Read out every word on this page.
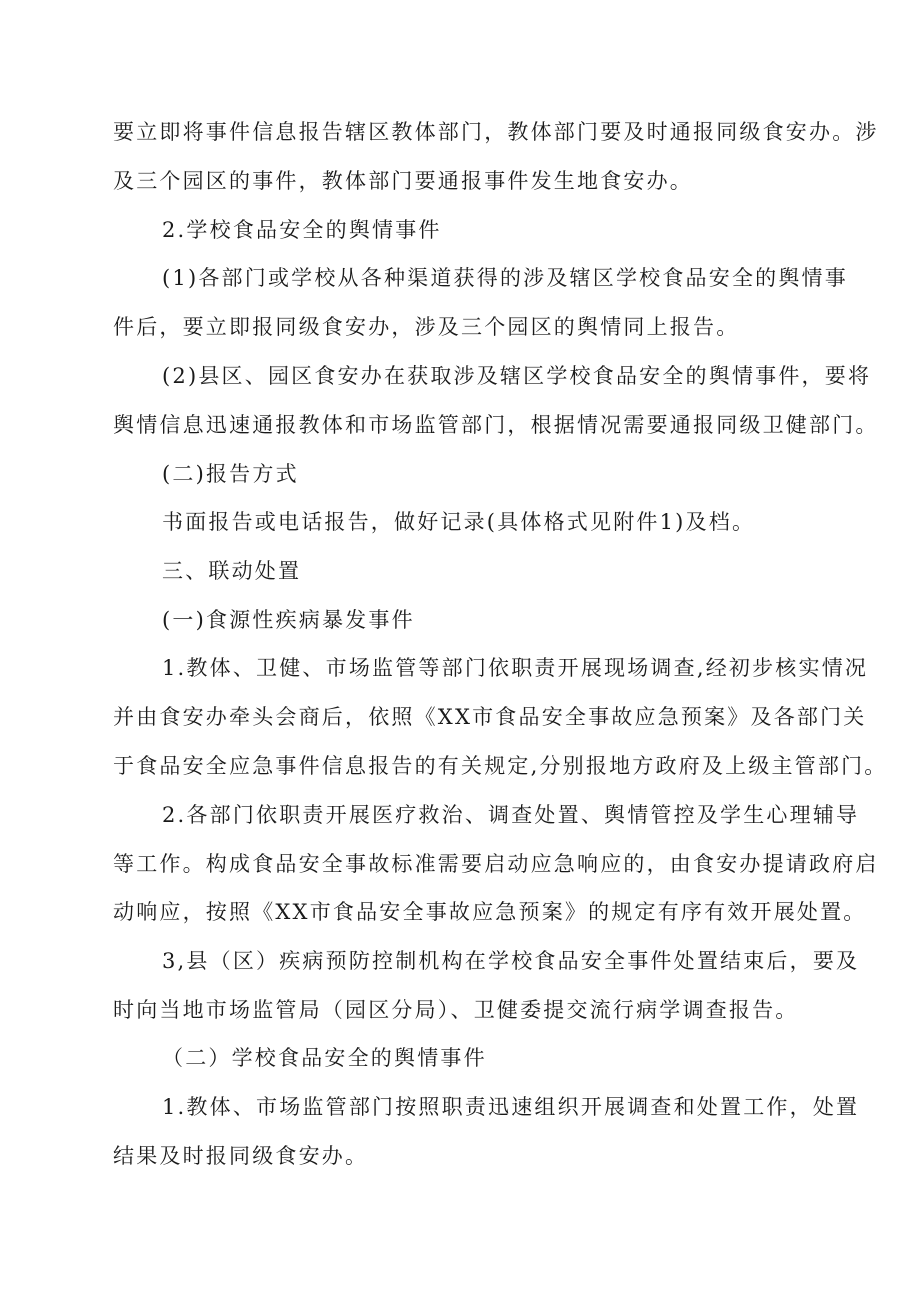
要立即将事件信息报告辖区教体部门，教体部门要及时通报同级食安办。涉
及三个园区的事件，教体部门要通报事件发生地食安办。
2.学校食品安全的舆情事件
(1)各部门或学校从各种渠道获得的涉及辖区学校食品安全的舆情事
件后，要立即报同级食安办，涉及三个园区的舆情同上报告。
(2)县区、园区食安办在获取涉及辖区学校食品安全的舆情事件，要将
舆情信息迅速通报教体和市场监管部门，根据情况需要通报同级卫健部门。
(二)报告方式
书面报告或电话报告，做好记录(具体格式见附件1)及档。
三、联动处置
(一)食源性疾病暴发事件
1.教体、卫健、市场监管等部门依职责开展现场调查,经初步核实情况
并由食安办牵头会商后，依照《XX市食品安全事故应急预案》及各部门关
于食品安全应急事件信息报告的有关规定,分别报地方政府及上级主管部门。
2.各部门依职责开展医疗救治、调查处置、舆情管控及学生心理辅导
等工作。构成食品安全事故标准需要启动应急响应的，由食安办提请政府启
动响应，按照《XX市食品安全事故应急预案》的规定有序有效开展处置。
3,县（区）疾病预防控制机构在学校食品安全事件处置结束后，要及
时向当地市场监管局（园区分局）、卫健委提交流行病学调查报告。
（二）学校食品安全的舆情事件
1.教体、市场监管部门按照职责迅速组织开展调查和处置工作，处置
结果及时报同级食安办。
